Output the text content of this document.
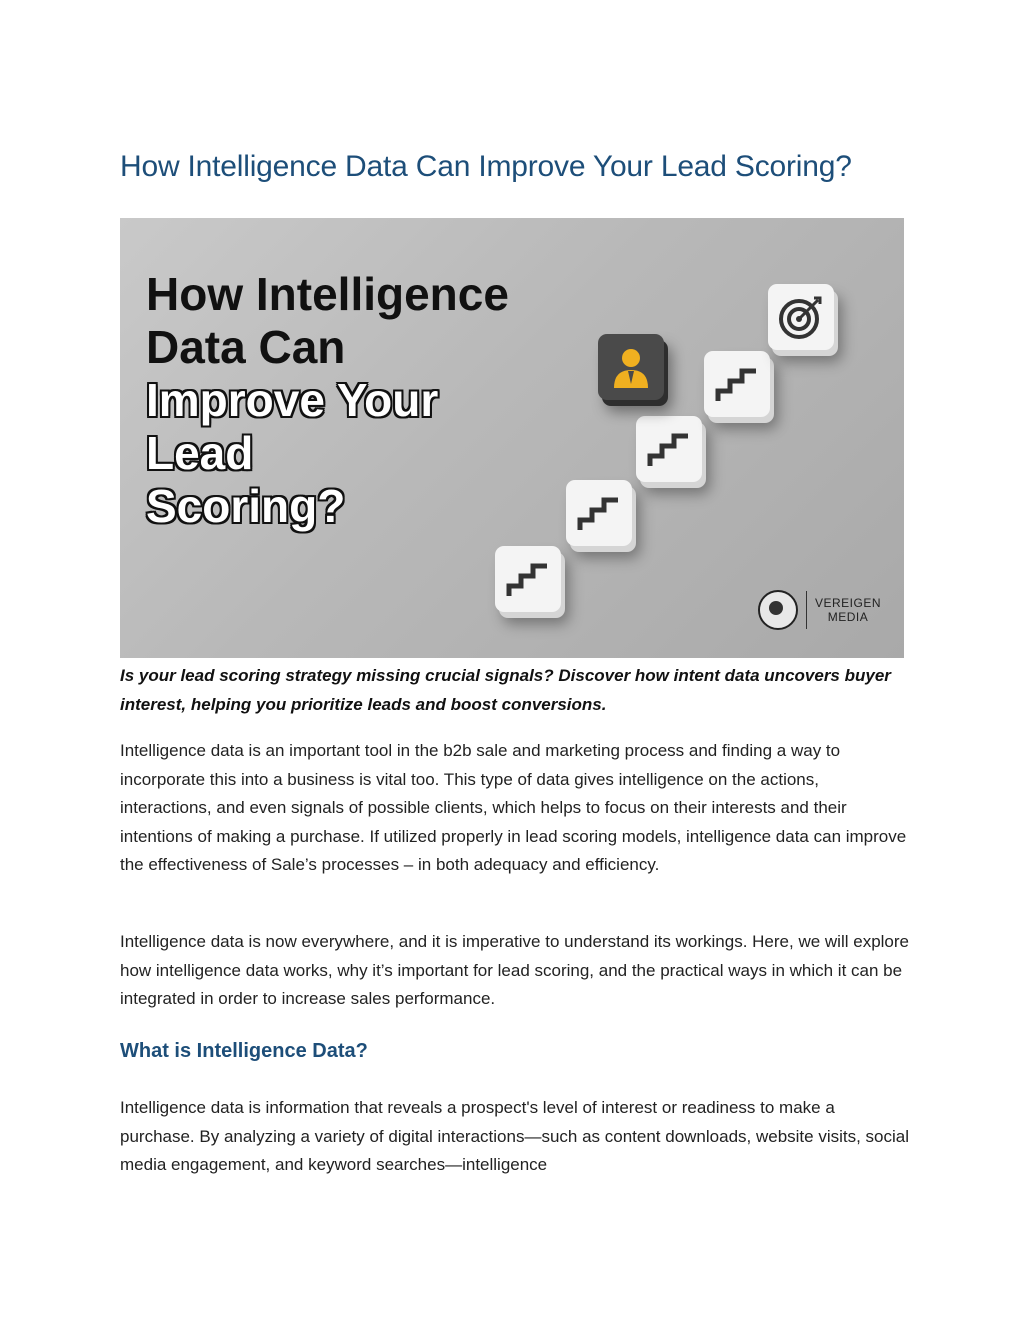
How Intelligence Data Can Improve Your Lead Scoring?
How Intelligence
Data Can
Improve Your
Lead
Scoring?
VEREIGEN
MEDIA

Is your lead scoring strategy missing crucial signals? Discover how intent data uncovers buyer interest, helping you prioritize leads and boost conversions.

Intelligence data is an important tool in the b2b sale and marketing process and finding a way to incorporate this into a business is vital too. This type of data gives intelligence on the actions, interactions, and even signals of possible clients, which helps to focus on their interests and their intentions of making a purchase. If utilized properly in lead scoring models, intelligence data can improve the effectiveness of Sale’s processes – in both adequacy and efficiency.

Intelligence data is now everywhere, and it is imperative to understand its workings. Here, we will explore how intelligence data works, why it’s important for lead scoring, and the practical ways in which it can be integrated in order to increase sales performance.

What is Intelligence Data?

Intelligence data is information that reveals a prospect's level of interest or readiness to make a purchase. By analyzing a variety of digital interactions—such as content downloads, website visits, social media engagement, and keyword searches—intelligence
